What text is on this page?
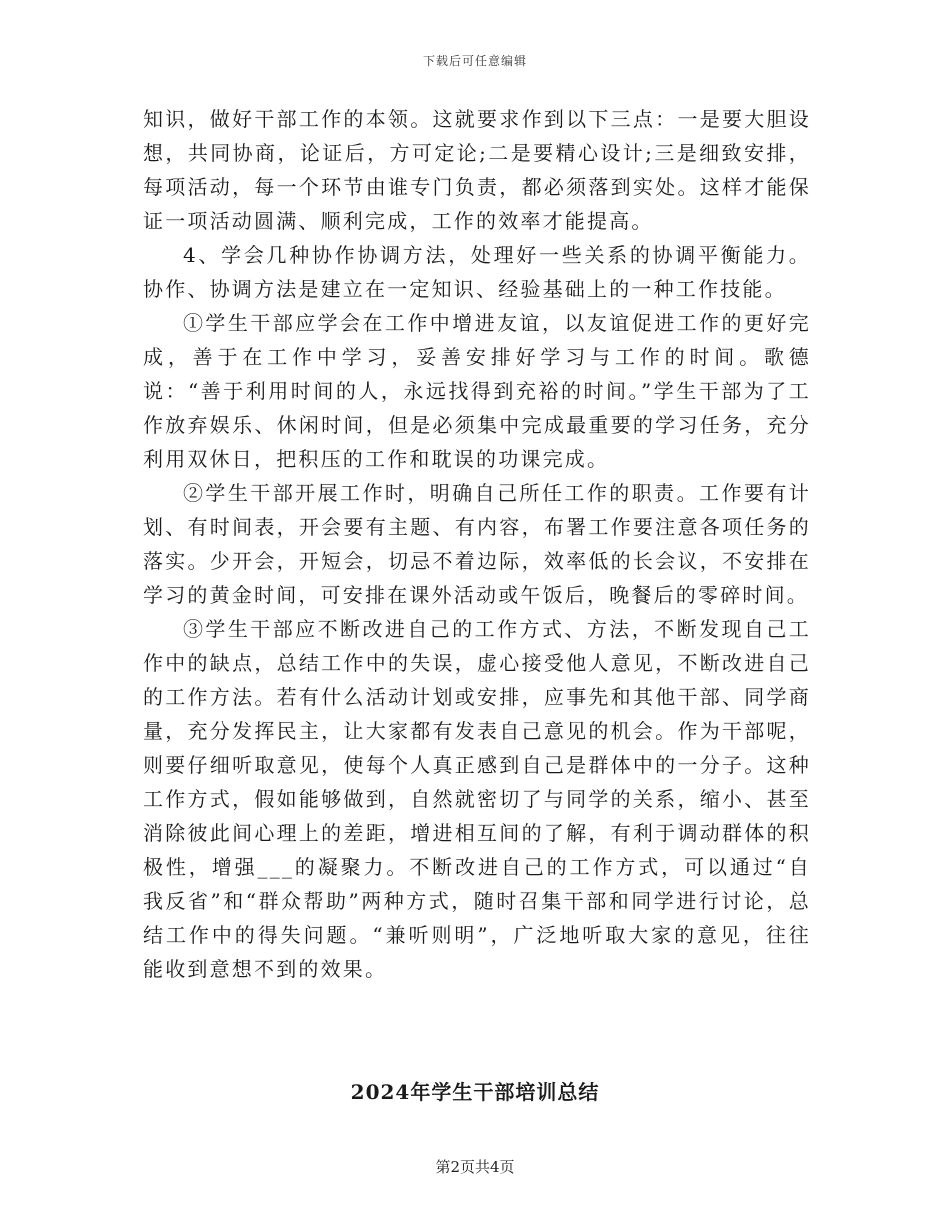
下载后可任意编辑

知识，做好干部工作的本领。这就要求作到以下三点：一是要大胆设想，共同协商，论证后，方可定论;二是要精心设计;三是细致安排，每项活动，每一个环节由谁专门负责，都必须落到实处。这样才能保证一项活动圆满、顺利完成，工作的效率才能提高。

4、学会几种协作协调方法，处理好一些关系的协调平衡能力。协作、协调方法是建立在一定知识、经验基础上的一种工作技能。

①学生干部应学会在工作中增进友谊，以友谊促进工作的更好完成，善于在工作中学习，妥善安排好学习与工作的时间。歌德说：“善于利用时间的人，永远找得到充裕的时间。”学生干部为了工作放弃娱乐、休闲时间，但是必须集中完成最重要的学习任务，充分利用双休日，把积压的工作和耽误的功课完成。

②学生干部开展工作时，明确自己所任工作的职责。工作要有计划、有时间表，开会要有主题、有内容，布署工作要注意各项任务的落实。少开会，开短会，切忌不着边际，效率低的长会议，不安排在学习的黄金时间，可安排在课外活动或午饭后，晚餐后的零碎时间。

③学生干部应不断改进自己的工作方式、方法，不断发现自己工作中的缺点，总结工作中的失误，虚心接受他人意见，不断改进自己的工作方法。若有什么活动计划或安排，应事先和其他干部、同学商量，充分发挥民主，让大家都有发表自己意见的机会。作为干部呢，则要仔细听取意见，使每个人真正感到自己是群体中的一分子。这种工作方式，假如能够做到，自然就密切了与同学的关系，缩小、甚至消除彼此间心理上的差距，增进相互间的了解，有利于调动群体的积极性，增强___的凝聚力。不断改进自己的工作方式，可以通过“自我反省”和“群众帮助”两种方式，随时召集干部和同学进行讨论，总结工作中的得失问题。“兼听则明”，广泛地听取大家的意见，往往能收到意想不到的效果。

2024年学生干部培训总结
第2页共4页
